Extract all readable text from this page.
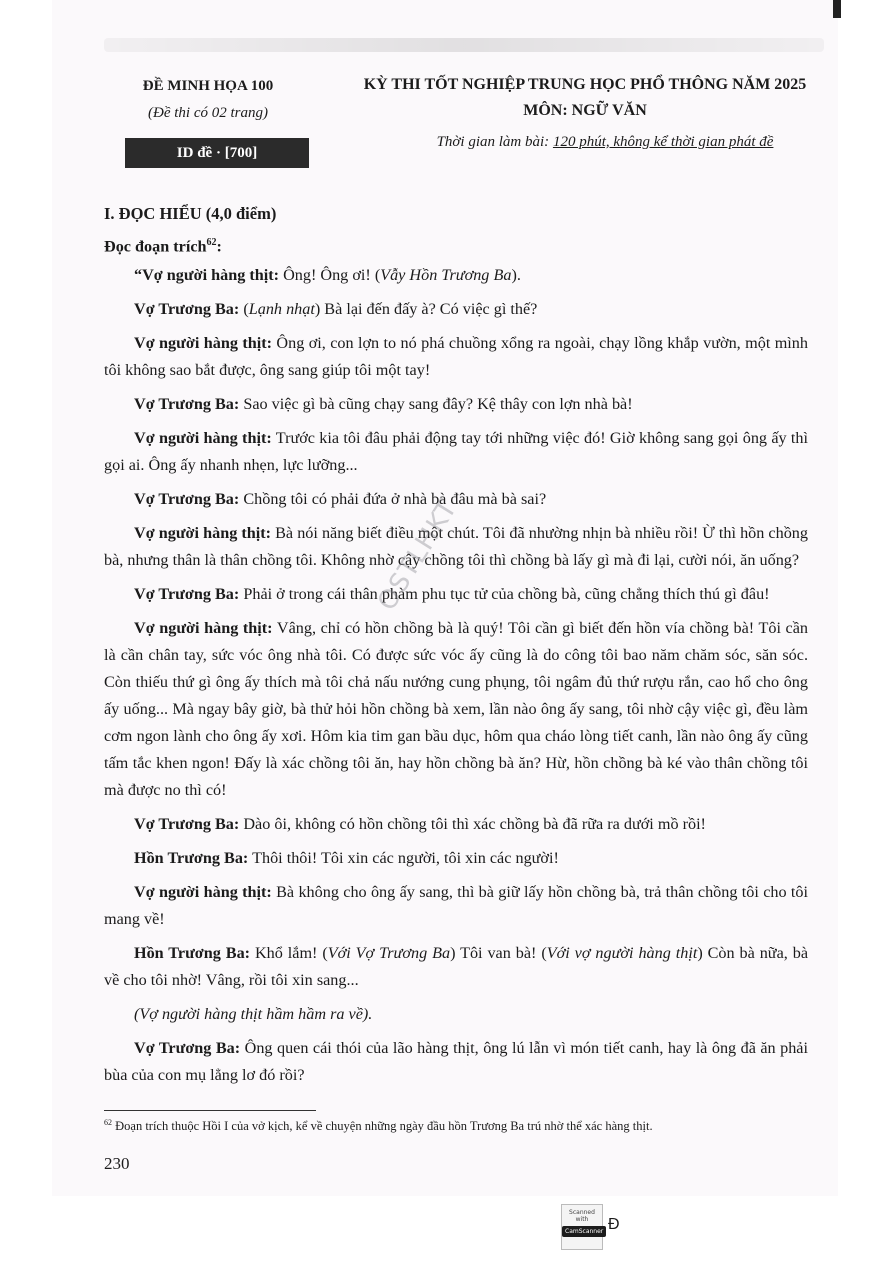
ĐỀ MINH HỌA 100
(Đề thi có 02 trang)
ID đề · [700]
KỲ THI TỐT NGHIỆP TRUNG HỌC PHỔ THÔNG NĂM 2025
MÔN: NGỮ VĂN
Thời gian làm bài: 120 phút, không kể thời gian phát đề
I. ĐỌC HIỂU (4,0 điểm)
Đọc đoạn trích$^{62}$:

“Vợ người hàng thịt: Ông! Ông ơi! (Vẫy Hồn Trương Ba).

Vợ Trương Ba: (Lạnh nhạt) Bà lại đến đấy à? Có việc gì thế?

Vợ người hàng thịt: Ông ơi, con lợn to nó phá chuồng xổng ra ngoài, chạy lồng khắp vườn, một mình tôi không sao bắt được, ông sang giúp tôi một tay!

Vợ Trương Ba: Sao việc gì bà cũng chạy sang đây? Kệ thây con lợn nhà bà!

Vợ người hàng thịt: Trước kia tôi đâu phải động tay tới những việc đó! Giờ không sang gọi ông ấy thì gọi ai. Ông ấy nhanh nhẹn, lực lưỡng...

Vợ Trương Ba: Chồng tôi có phải đứa ở nhà bà đâu mà bà sai?

Vợ người hàng thịt: Bà nói năng biết điều một chút. Tôi đã nhường nhịn bà nhiều rồi! Ừ thì hồn chồng bà, nhưng thân là thân chồng tôi. Không nhờ cậy chồng tôi thì chồng bà lấy gì mà đi lại, cười nói, ăn uống?

Vợ Trương Ba: Phải ở trong cái thân phàm phu tục tử của chồng bà, cũng chẳng thích thú gì đâu!

Vợ người hàng thịt: Vâng, chỉ có hồn chồng bà là quý! Tôi cần gì biết đến hồn vía chồng bà! Tôi cần là cần chân tay, sức vóc ông nhà tôi. Có được sức vóc ấy cũng là do công tôi bao năm chăm sóc, săn sóc. Còn thiếu thứ gì ông ấy thích mà tôi chả nấu nướng cung phụng, tôi ngâm đủ thứ rượu rắn, cao hổ cho ông ấy uống... Mà ngay bây giờ, bà thử hỏi hồn chồng bà xem, lần nào ông ấy sang, tôi nhờ cậy việc gì, đều làm cơm ngon lành cho ông ấy xơi. Hôm kia tim gan bầu dục, hôm qua cháo lòng tiết canh, lần nào ông ấy cũng tấm tắc khen ngon! Đấy là xác chồng tôi ăn, hay hồn chồng bà ăn? Hừ, hồn chồng bà ké vào thân chồng tôi mà được no thì có!

Vợ Trương Ba: Dào ôi, không có hồn chồng tôi thì xác chồng bà đã rữa ra dưới mồ rồi!

Hồn Trương Ba: Thôi thôi! Tôi xin các người, tôi xin các người!

Vợ người hàng thịt: Bà không cho ông ấy sang, thì bà giữ lấy hồn chồng bà, trả thân chồng tôi cho tôi mang về!

Hồn Trương Ba: Khổ lắm! (Với Vợ Trương Ba) Tôi van bà! (Với vợ người hàng thịt) Còn bà nữa, bà về cho tôi nhờ! Vâng, rồi tôi xin sang...

(Vợ người hàng thịt hầm hầm ra về).

Vợ Trương Ba: Ông quen cái thói của lão hàng thịt, ông lú lẫn vì món tiết canh, hay là ông đã ăn phải bùa của con mụ lẳng lơ đó rồi?

OSTLHKT
$^{62}$ Đoạn trích thuộc Hồi I của vở kịch, kể về chuyện những ngày đầu hồn Trương Ba trú nhờ thể xác hàng thịt.
230
Scanned with
CamScanner Đ
